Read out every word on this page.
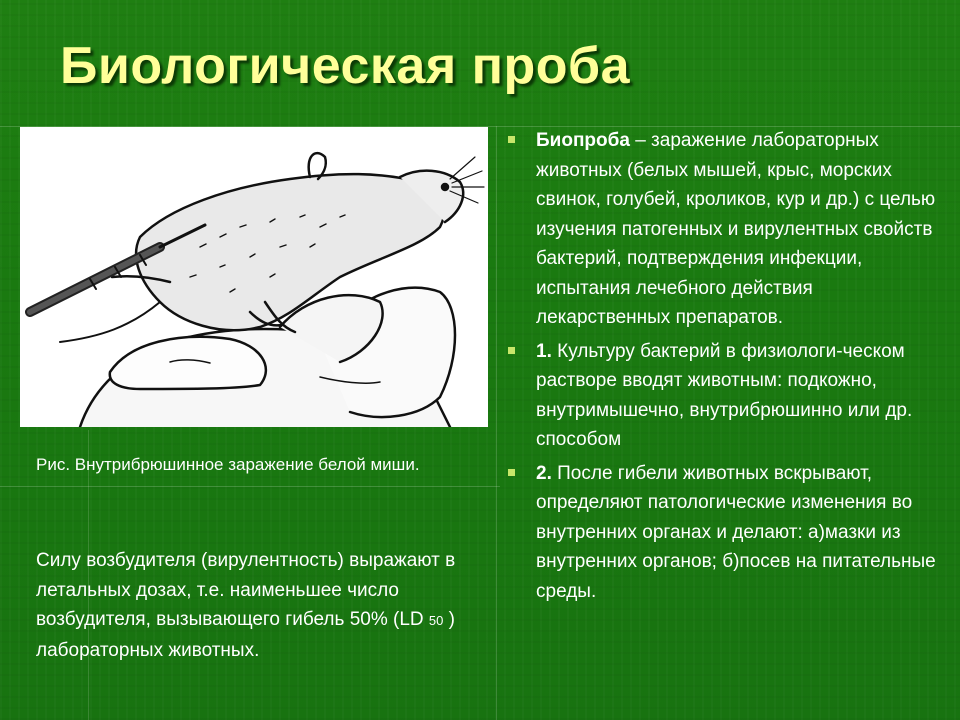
Биологическая проба
Рис. Внутрибрюшинное заражение белой миши.
Силу возбудителя (вирулентность) выражают в летальных дозах, т.е. наименьшее число возбудителя, вызывающего гибель 50% (LD 50 ) лабораторных животных.
Биопроба – заражение лабораторных животных (белых мышей, крыс, морских свинок, голубей, кроликов, кур и др.) с целью изучения патогенных и вирулентных свойств бактерий, подтверждения инфекции, испытания лечебного действия лекарственных препаратов.
1. Культуру бактерий в физиологи-ческом растворе вводят животным: подкожно, внутримышечно, внутрибрюшинно или др. способом
2. После гибели животных вскрывают, определяют патологические изменения во внутренних органах и делают: а)мазки из внутренних органов; б)посев на питательные среды.
